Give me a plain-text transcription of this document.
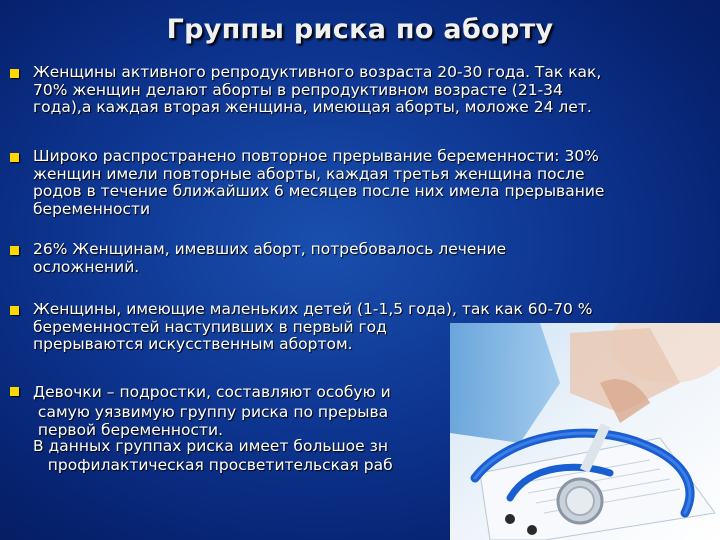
Группы риска по аборту
Женщины активного репродуктивного возраста 20-30 года. Так как,
70% женщин делают аборты в репродуктивном возрасте (21-34
года),а каждая вторая женщина, имеющая аборты, моложе 24 лет.
Широко распространено повторное прерывание беременности: 30%
женщин имели повторные аборты, каждая третья женщина после
родов в течение ближайших 6 месяцев после них имела прерывание
беременности
26% Женщинам, имевших аборт, потребовалось лечение
осложнений.
Женщины, имеющие маленьких детей (1-1,5 года), так как 60-70 %
беременностей наступивших в первый год
прерываются искусственным абортом.
Девочки – подростки, составляют особую и
самую уязвимую группу риска по прерыва
первой беременности.
В данных группах риска имеет большое зн
профилактическая просветительская раб
